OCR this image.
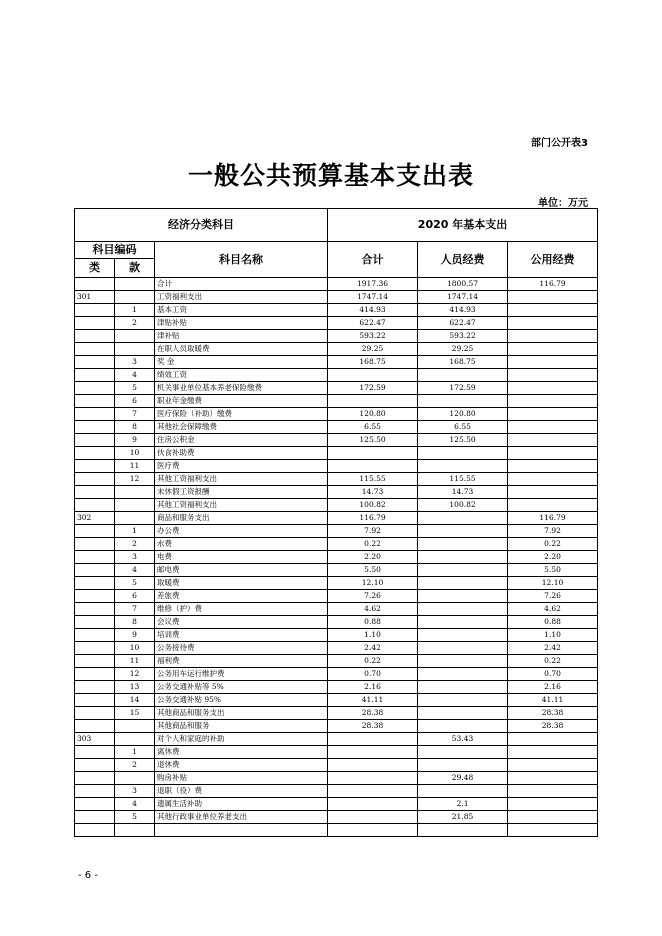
部门公开表3
一般公共预算基本支出表
单位：万元
经济分类科目			2020 年基本支出		
科目编码		科目名称	合计	人员经费	公用经费
类	款				
		合计	1917.36	1800.57	116.79
301		工资福利支出	1747.14	1747.14	
	1	基本工资	414.93	414.93	
	2	津贴补贴	622.47	622.47	
		津补贴	593.22	593.22	
		在职人员取暖费	29.25	29.25	
	3	奖 金	168.75	168.75	
	4	绩效工资			
	5	机关事业单位基本养老保险缴费	172.59	172.59	
	6	职业年金缴费			
	7	医疗保险（补助）缴费	120.80	120.80	
	8	其他社会保障缴费	6.55	6.55	
	9	住房公积金	125.50	125.50	
	10	伙食补助费			
	11	医疗费			
	12	其他工资福利支出	115.55	115.55	
		未休假工资报酬	14.73	14.73	
		其他工资福利支出	100.82	100.82	
302		商品和服务支出	116.79		116.79
	1	办公费	7.92		7.92
	2	水费	0.22		0.22
	3	电费	2.20		2.20
	4	邮电费	5.50		5.50
	5	取暖费	12.10		12.10
	6	差旅费	7.26		7.26
	7	维修（护）费	4.62		4.62
	8	会议费	0.88		0.88
	9	培训费	1.10		1.10
	10	公务接待费	2.42		2.42
	11	福利费	0.22		0.22
	12	公务用车运行维护费	0.70		0.70
	13	公务交通补贴等 5%	2.16		2.16
	14	公务交通补贴 95%	41.11		41.11
	15	其他商品和服务支出	28.38		28.38
		其他商品和服务	28.38		28.38
303		对个人和家庭的补助		53.43	
	1	离休费			
	2	退休费			
		购房补贴		29.48	
	3	退职（役）费			
	4	遗属生活补助		2.1	
	5	其他行政事业单位养老支出		21.85	

- 6 -
